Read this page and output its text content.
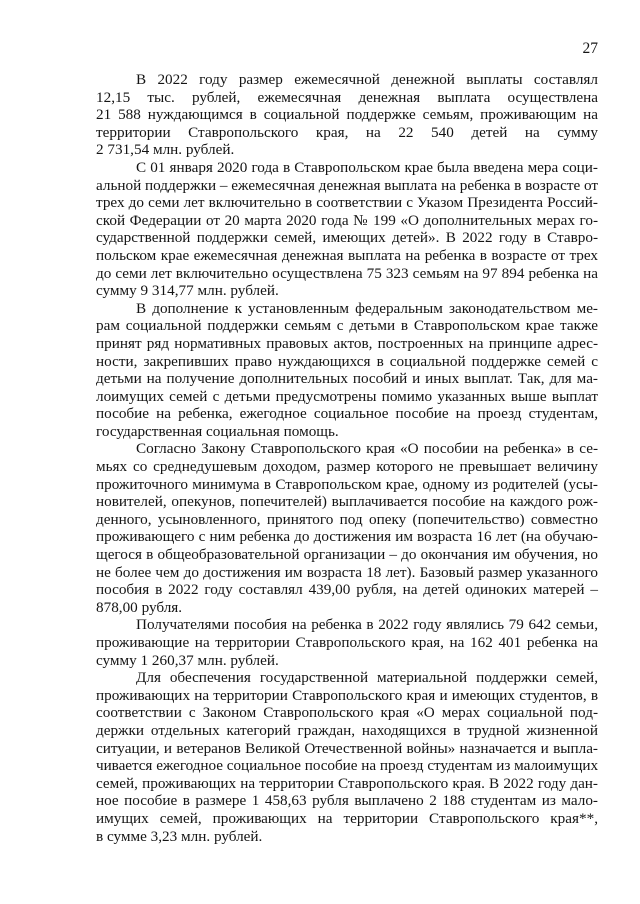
27
В 2022 году размер ежемесячной денежной выплаты составлял
12,15 тыс. рублей, ежемесячная денежная выплата осуществлена
21 588 нуждающимся в социальной поддержке семьям, проживающим на
территории Ставропольского края, на 22 540 детей на сумму
2 731,54 млн. рублей.
С 01 января 2020 года в Ставропольском крае была введена мера соци-
альной поддержки – ежемесячная денежная выплата на ребенка в возрасте от
трех до семи лет включительно в соответствии с Указом Президента Россий-
ской Федерации от 20 марта 2020 года № 199 «О дополнительных мерах го-
сударственной поддержки семей, имеющих детей». В 2022 году в Ставро-
польском крае ежемесячная денежная выплата на ребенка в возрасте от трех
до семи лет включительно осуществлена 75 323 семьям на 97 894 ребенка на
сумму 9 314,77 млн. рублей.
В дополнение к установленным федеральным законодательством ме-
рам социальной поддержки семьям с детьми в Ставропольском крае также
принят ряд нормативных правовых актов, построенных на принципе адрес-
ности, закрепивших право нуждающихся в социальной поддержке семей с
детьми на получение дополнительных пособий и иных выплат. Так, для ма-
лоимущих семей с детьми предусмотрены помимо указанных выше выплат
пособие на ребенка, ежегодное социальное пособие на проезд студентам,
государственная социальная помощь.
Согласно Закону Ставропольского края «О пособии на ребенка» в се-
мьях со среднедушевым доходом, размер которого не превышает величину
прожиточного минимума в Ставропольском крае, одному из родителей (усы-
новителей, опекунов, попечителей) выплачивается пособие на каждого рож-
денного, усыновленного, принятого под опеку (попечительство) совместно
проживающего с ним ребенка до достижения им возраста 16 лет (на обучаю-
щегося в общеобразовательной организации – до окончания им обучения, но
не более чем до достижения им возраста 18 лет). Базовый размер указанного
пособия в 2022 году составлял 439,00 рубля, на детей одиноких матерей –
878,00 рубля.
Получателями пособия на ребенка в 2022 году являлись 79 642 семьи,
проживающие на территории Ставропольского края, на 162 401 ребенка на
сумму 1 260,37 млн. рублей.
Для обеспечения государственной материальной поддержки семей,
проживающих на территории Ставропольского края и имеющих студентов, в
соответствии с Законом Ставропольского края «О мерах социальной под-
держки отдельных категорий граждан, находящихся в трудной жизненной
ситуации, и ветеранов Великой Отечественной войны» назначается и выпла-
чивается ежегодное социальное пособие на проезд студентам из малоимущих
семей, проживающих на территории Ставропольского края. В 2022 году дан-
ное пособие в размере 1 458,63 рубля выплачено 2 188 студентам из мало-
имущих семей, проживающих на территории Ставропольского края**,
в сумме 3,23 млн. рублей.
